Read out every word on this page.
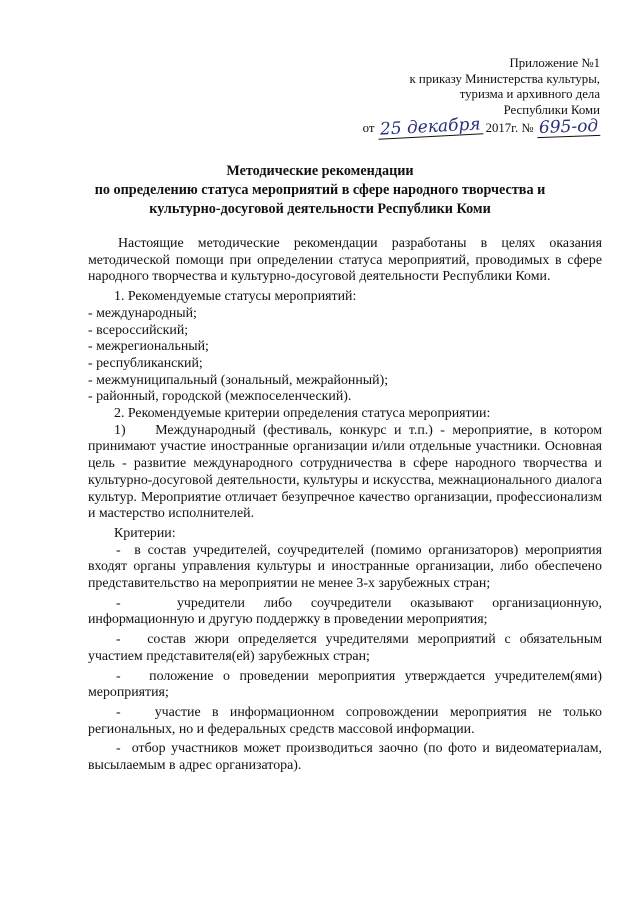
Приложение №1
к приказу Министерства культуры,
туризма и архивного дела
Республики Коми
от 25 декабря 2017г. № 695-од
Методические рекомендации
по определению статуса мероприятий в сфере народного творчества и
культурно-досуговой деятельности Республики Коми

Настоящие методические рекомендации разработаны в целях оказания методической помощи при определении статуса мероприятий, проводимых в сфере народного творчества и культурно-досуговой деятельности Республики Коми.

1. Рекомендуемые статусы мероприятий:

- международный;

- всероссийский;

- межрегиональный;

- республиканский;

- межмуниципальный (зональный, межрайонный);

- районный, городской (межпоселенческий).

2. Рекомендуемые критерии определения статуса мероприятии:

1)    Международный (фестиваль, конкурс и т.п.) - мероприятие, в котором принимают участие иностранные организации и/или отдельные участники. Основная цель - развитие международного сотрудничества в сфере народного творчества и культурно-досуговой деятельности, культуры и искусства, межнационального диалога культур. Мероприятие отличает безупречное качество организации, профессионализм и мастерство исполнителей.

Критерии:

-  в состав учредителей, соучредителей (помимо организаторов) мероприятия входят органы управления культуры и иностранные организации, либо обеспечено представительство на мероприятии не менее 3-х зарубежных стран;

-   учредители либо соучредители оказывают организационную, информационную и другую поддержку в проведении мероприятия;

-   состав жюри определяется учредителями мероприятий с обязательным участием представителя(ей) зарубежных стран;

-   положение о проведении мероприятия утверждается учредителем(ями) мероприятия;

-   участие в информационном сопровождении мероприятия не только региональных, но и федеральных средств массовой информации.

-  отбор участников может производиться заочно (по фото и видеоматериалам, высылаемым в адрес организатора).
